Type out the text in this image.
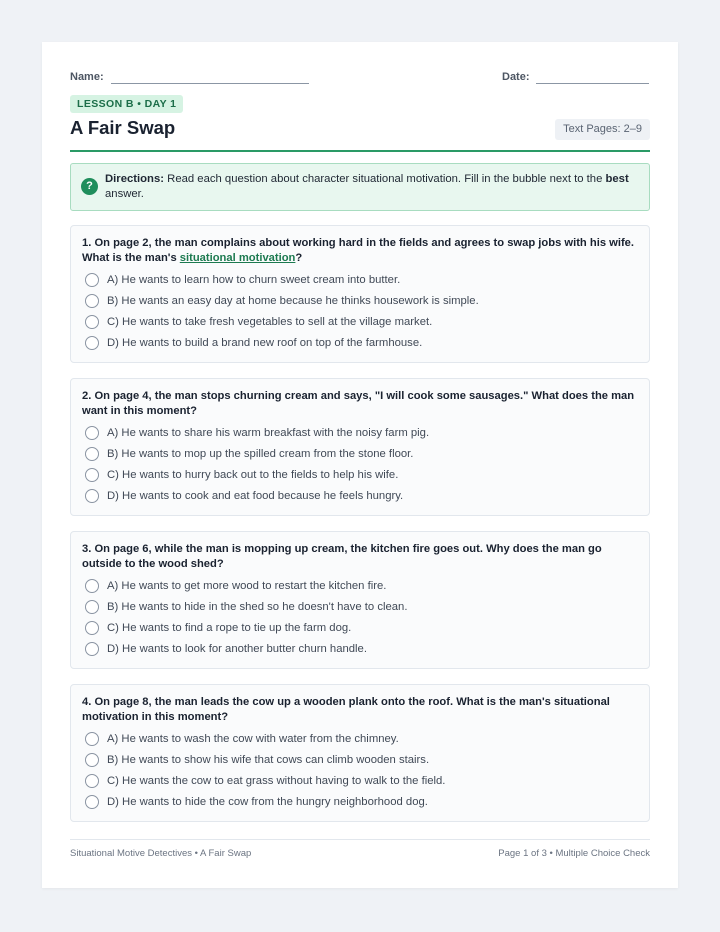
Name:	Date:
LESSON B • DAY 1
A Fair Swap	Text Pages: 2–9
?
Directions: Read each question about character situational motivation. Fill in the bubble next to the best answer.
1. On page 2, the man complains about working hard in the fields and agrees to swap jobs with his wife. What is the man's situational motivation?
A) He wants to learn how to churn sweet cream into butter.
B) He wants an easy day at home because he thinks housework is simple.
C) He wants to take fresh vegetables to sell at the village market.
D) He wants to build a brand new roof on top of the farmhouse.
2. On page 4, the man stops churning cream and says, "I will cook some sausages." What does the man want in this moment?
A) He wants to share his warm breakfast with the noisy farm pig.
B) He wants to mop up the spilled cream from the stone floor.
C) He wants to hurry back out to the fields to help his wife.
D) He wants to cook and eat food because he feels hungry.
3. On page 6, while the man is mopping up cream, the kitchen fire goes out. Why does the man go outside to the wood shed?
A) He wants to get more wood to restart the kitchen fire.
B) He wants to hide in the shed so he doesn't have to clean.
C) He wants to find a rope to tie up the farm dog.
D) He wants to look for another butter churn handle.
4. On page 8, the man leads the cow up a wooden plank onto the roof. What is the man's situational motivation in this moment?
A) He wants to wash the cow with water from the chimney.
B) He wants to show his wife that cows can climb wooden stairs.
C) He wants the cow to eat grass without having to walk to the field.
D) He wants to hide the cow from the hungry neighborhood dog.
Situational Motive Detectives • A Fair Swap	Page 1 of 3 • Multiple Choice Check
